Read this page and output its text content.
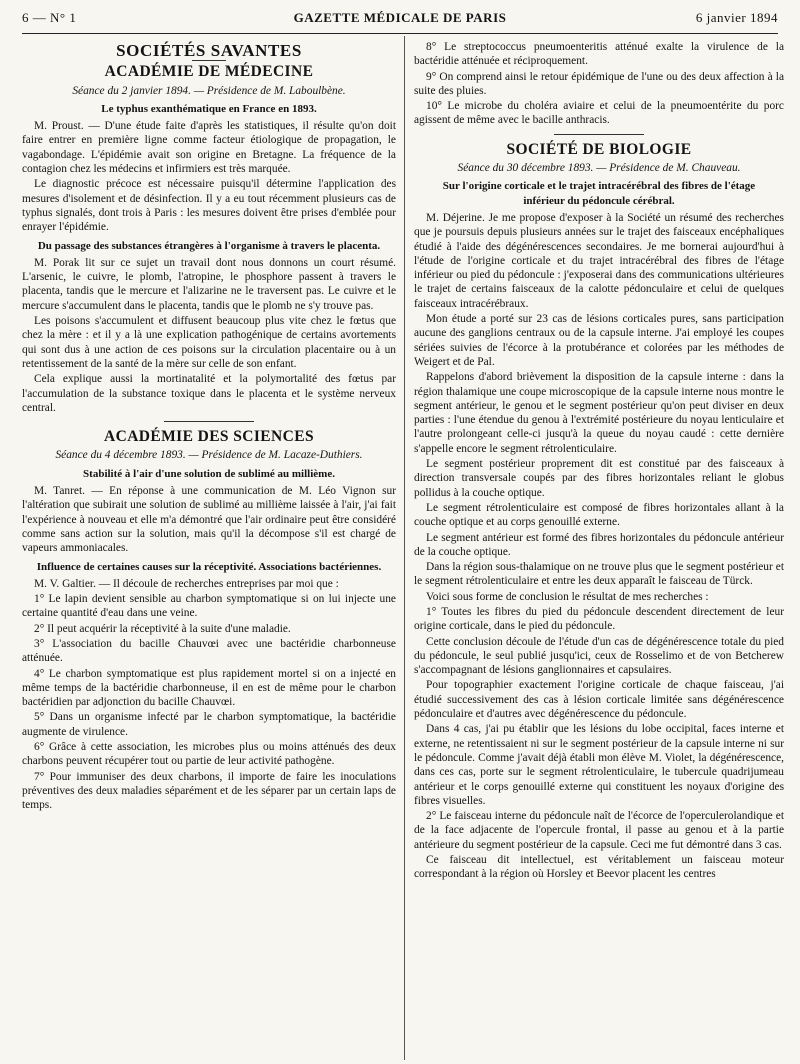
6 — N° 1	GAZETTE MÉDICALE DE PARIS	6 janvier 1894
SOCIÉTÉS SAVANTES
ACADÉMIE DE MÉDECINE
Séance du 2 janvier 1894. — Présidence de M. Laboulbène.
Le typhus exanthématique en France en 1893.

M. Proust. — D'une étude faite d'après les statistiques, il résulte qu'on doit faire entrer en première ligne comme facteur étiologique de propagation, le vagabondage. L'épidémie avait son origine en Bretagne. La fréquence de la contagion chez les médecins et infirmiers est très marquée.

Le diagnostic précoce est nécessaire puisqu'il détermine l'application des mesures d'isolement et de désinfection. Il y a eu tout récemment plusieurs cas de typhus signalés, dont trois à Paris : les mesures doivent être prises d'emblée pour enrayer l'épidémie.

Du passage des substances étrangères à l'organisme à travers le placenta.

M. Porak lit sur ce sujet un travail dont nous donnons un court résumé. L'arsenic, le cuivre, le plomb, l'atropine, le phosphore passent à travers le placenta, tandis que le mercure et l'alizarine ne le traversent pas. Le cuivre et le mercure s'accumulent dans le placenta, tandis que le plomb ne s'y trouve pas.

Les poisons s'accumulent et diffusent beaucoup plus vite chez le fœtus que chez la mère : et il y a là une explication pathogénique de certains avortements qui sont dus à une action de ces poisons sur la circulation placentaire ou à un retentissement de la santé de la mère sur celle de son enfant.

Cela explique aussi la mortinatalité et la polymortalité des fœtus par l'accumulation de la substance toxique dans le placenta et le système nerveux central.

ACADÉMIE DES SCIENCES
Séance du 4 décembre 1893. — Présidence de M. Lacaze-Duthiers.
Stabilité à l'air d'une solution de sublimé au millième.

M. Tanret. — En réponse à une communication de M. Léo Vignon sur l'altération que subirait une solution de sublimé au millième laissée à l'air, j'ai fait l'expérience à nouveau et elle m'a démontré que l'air ordinaire peut être considéré comme sans action sur la solution, mais qu'il la décompose s'il est chargé de vapeurs ammoniacales.

Influence de certaines causes sur la réceptivité. Associations bactériennes.

M. V. Galtier. — Il découle de recherches entreprises par moi que :

1° Le lapin devient sensible au charbon symptomatique si on lui injecte une certaine quantité d'eau dans une veine.

2° Il peut acquérir la réceptivité à la suite d'une maladie.

3° L'association du bacille Chauvœi avec une bactéridie charbonneuse atténuée.

4° Le charbon symptomatique est plus rapidement mortel si on a injecté en même temps de la bactéridie charbonneuse, il en est de même pour le charbon bactéridien par adjonction du bacille Chauvœi.

5° Dans un organisme infecté par le charbon symptomatique, la bactéridie augmente de virulence.

6° Grâce à cette association, les microbes plus ou moins atténués des deux charbons peuvent récupérer tout ou partie de leur activité pathogène.

7° Pour immuniser des deux charbons, il importe de faire les inoculations préventives des deux maladies séparément et de les séparer par un certain laps de temps.

8° Le streptococcus pneumoenteritis atténué exalte la virulence de la bactéridie atténuée et réciproquement.

9° On comprend ainsi le retour épidémique de l'une ou des deux affection à la suite des pluies.

10° Le microbe du choléra aviaire et celui de la pneumoentérite du porc agissent de même avec le bacille anthracis.

SOCIÉTÉ DE BIOLOGIE
Séance du 30 décembre 1893. — Présidence de M. Chauveau.
Sur l'origine corticale et le trajet intracérébral des fibres de l'étage inférieur du pédoncule cérébral.

M. Déjerine. Je me propose d'exposer à la Société un résumé des recherches que je poursuis depuis plusieurs années sur le trajet des faisceaux encéphaliques étudié à l'aide des dégénérescences secondaires. Je me bornerai aujourd'hui à l'étude de l'origine corticale et du trajet intracérébral des fibres de l'étage inférieur ou pied du pédoncule : j'exposerai dans des communications ultérieures le trajet de certains faisceaux de la calotte pédonculaire et celui de quelques faisceaux intracérébraux.

Mon étude a porté sur 23 cas de lésions corticales pures, sans participation aucune des ganglions centraux ou de la capsule interne. J'ai employé les coupes sériées suivies de l'écorce à la protubérance et colorées par les méthodes de Weigert et de Pal.

Rappelons d'abord brièvement la disposition de la capsule interne : dans la région thalamique une coupe microscopique de la capsule interne nous montre le segment antérieur, le genou et le segment postérieur qu'on peut diviser en deux parties : l'une étendue du genou à l'extrémité postérieure du noyau lenticulaire et l'autre prolongeant celle-ci jusqu'à la queue du noyau caudé : cette dernière s'appelle encore le segment rétrolenticulaire.

Le segment postérieur proprement dit est constitué par des faisceaux à direction transversale coupés par des fibres horizontales reliant le globus pollidus à la couche optique.

Le segment rétrolenticulaire est composé de fibres horizontales allant à la couche optique et au corps genouillé externe.

Le segment antérieur est formé des fibres horizontales du pédoncule antérieur de la couche optique.

Dans la région sous-thalamique on ne trouve plus que le segment postérieur et le segment rétrolenticulaire et entre les deux apparaît le faisceau de Türck.

Voici sous forme de conclusion le résultat de mes recherches :

1° Toutes les fibres du pied du pédoncule descendent directement de leur origine corticale, dans le pied du pédoncule.

Cette conclusion découle de l'étude d'un cas de dégénérescence totale du pied du pédoncule, le seul publié jusqu'ici, ceux de Rosselimo et de von Betcherew s'accompagnant de lésions ganglionnaires et capsulaires.

Pour topographier exactement l'origine corticale de chaque faisceau, j'ai étudié successivement des cas à lésion corticale limitée sans dégénérescence pédonculaire et d'autres avec dégénérescence du pédoncule.

Dans 4 cas, j'ai pu établir que les lésions du lobe occipital, faces interne et externe, ne retentissaient ni sur le segment postérieur de la capsule interne ni sur le pédoncule. Comme j'avait déjà établi mon élève M. Violet, la dégénérescence, dans ces cas, porte sur le segment rétrolenticulaire, le tubercule quadrijumeau antérieur et le corps genouillé externe qui constituent les noyaux d'origine des fibres visuelles.

2° Le faisceau interne du pédoncule naît de l'écorce de l'operculerolandique et de la face adjacente de l'opercule frontal, il passe au genou et à la partie antérieure du segment postérieur de la capsule. Ceci me fut démontré dans 3 cas.

Ce faisceau dit intellectuel, est véritablement un faisceau moteur correspondant à la région où Horsley et Beevor placent les centres
